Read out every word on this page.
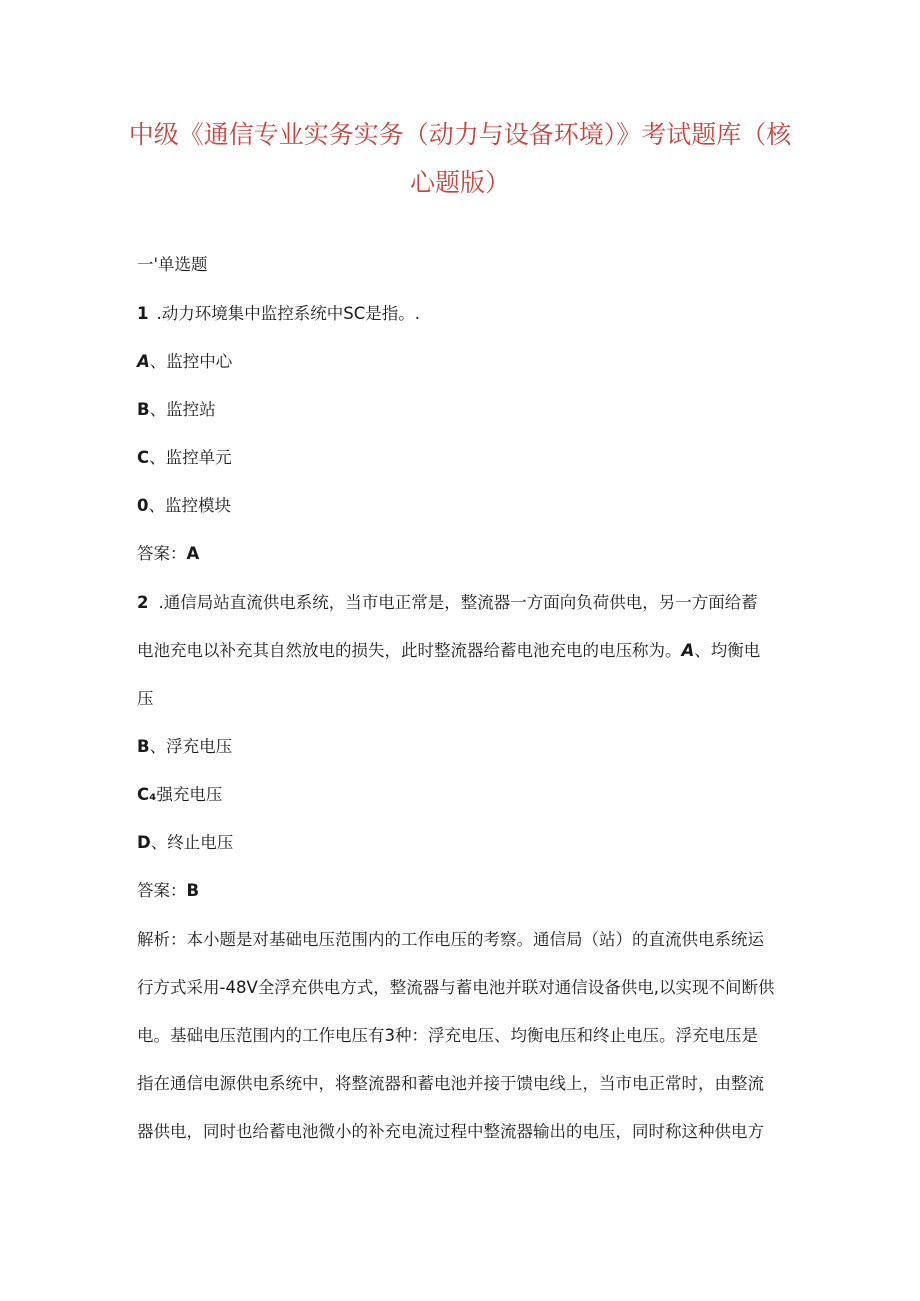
中级《通信专业实务实务（动力与设备环境）》考试题库（核
心题版）
一'单选题
1 .动力环境集中监控系统中SC是指。.
A、监控中心
B、监控站
C、监控单元
0、监控模块
答案：A
2 .通信局站直流供电系统，当市电正常是，整流器一方面向负荷供电，另一方面给蓄
电池充电以补充其自然放电的损失，此时整流器给蓄电池充电的电压称为。A、均衡电
压
B、浮充电压
C₄强充电压
D、终止电压
答案：B
解析：本小题是对基础电压范围内的工作电压的考察。通信局（站）的直流供电系统运
行方式采用-48V全浮充供电方式，整流器与蓄电池并联对通信设备供电,以实现不间断供
电。基础电压范围内的工作电压有3种：浮充电压、均衡电压和终止电压。浮充电压是
指在通信电源供电系统中，将整流器和蓄电池并接于馈电线上，当市电正常时，由整流
器供电，同时也给蓄电池微小的补充电流过程中整流器输出的电压，同时称这种供电方
